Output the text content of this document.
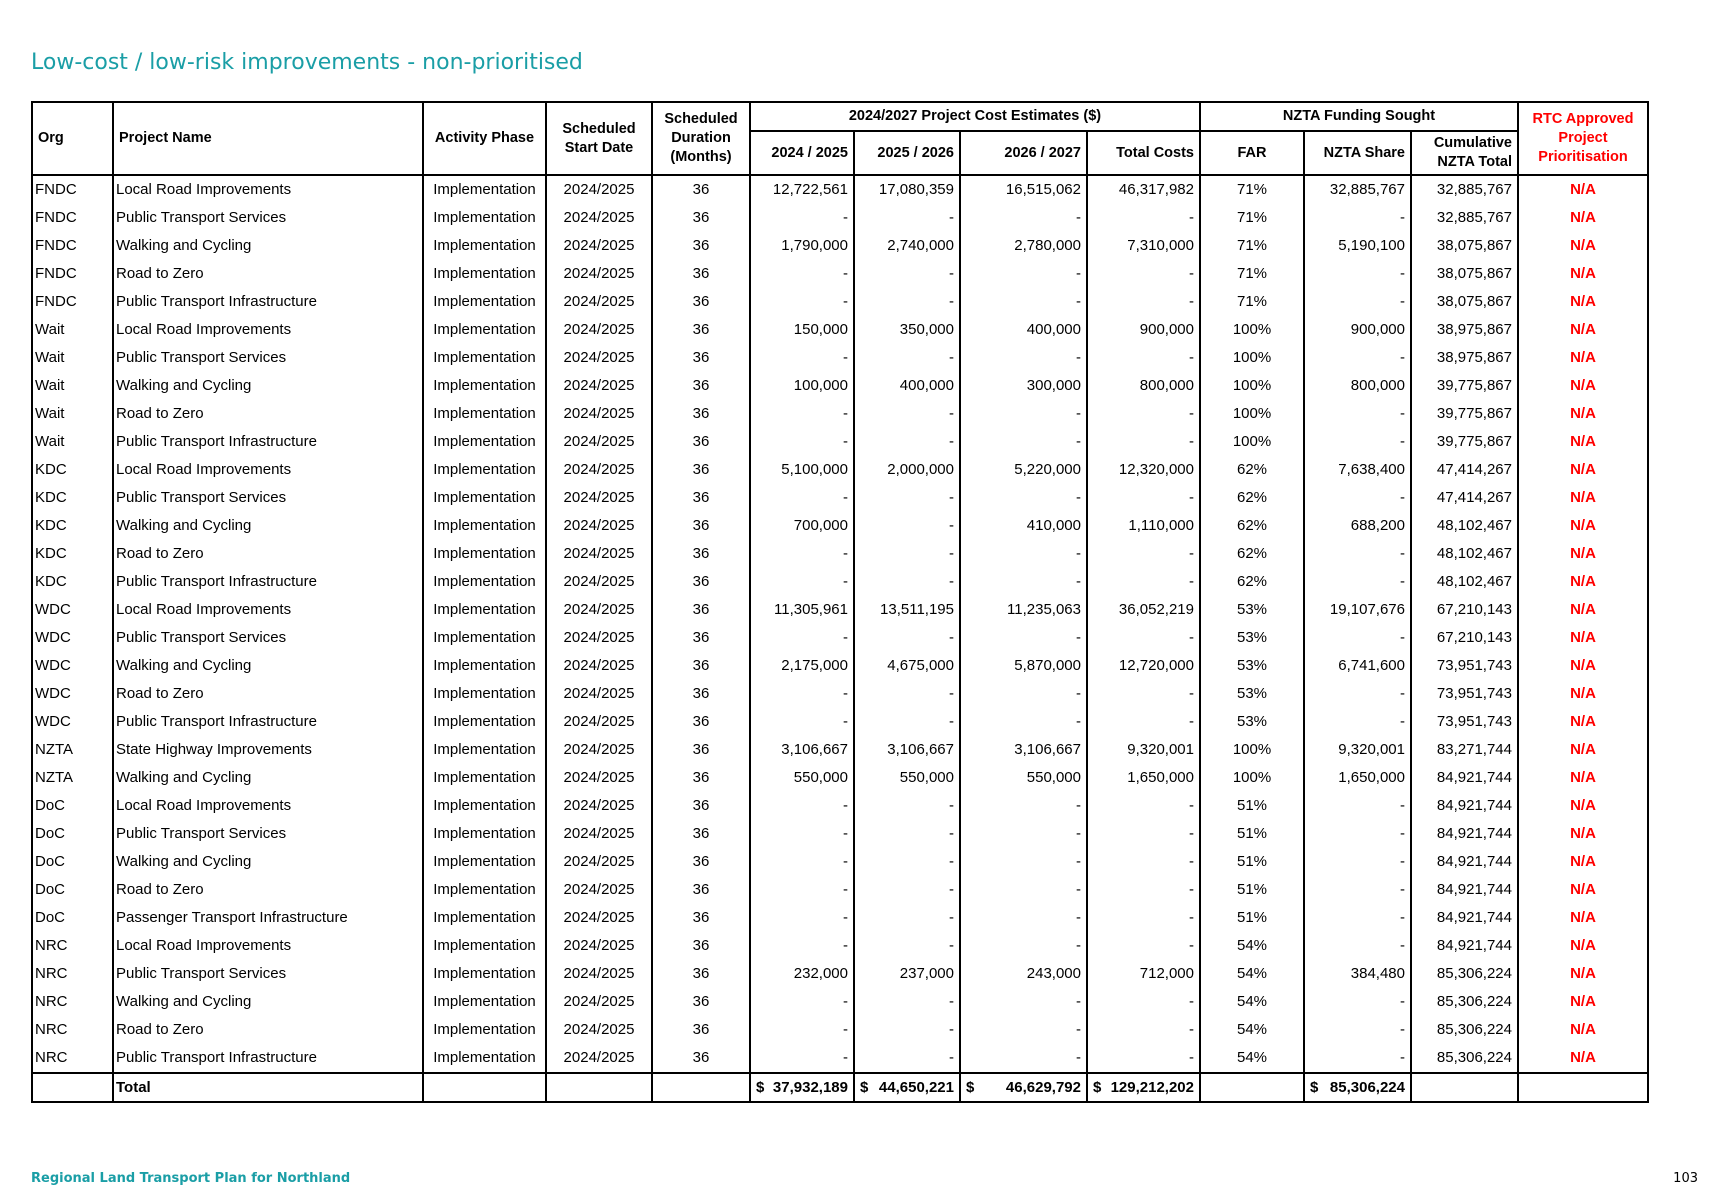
Low-cost / low-risk improvements - non-prioritised
Org	Project Name	Activity Phase	Scheduled Start Date	Scheduled Duration (Months)	2024/2027 Project Cost Estimates ($)				NZTA Funding Sought			RTC Approved Project Prioritisation
					2024 / 2025	2025 / 2026	2026 / 2027	Total Costs	FAR	NZTA Share	Cumulative NZTA Total	
FNDC	Local Road Improvements	Implementation	2024/2025	36	12,722,561	17,080,359	16,515,062	46,317,982	71%	32,885,767	32,885,767	N/A
FNDC	Public Transport Services	Implementation	2024/2025	36	-	-	-	-	71%	-	32,885,767	N/A
FNDC	Walking and Cycling	Implementation	2024/2025	36	1,790,000	2,740,000	2,780,000	7,310,000	71%	5,190,100	38,075,867	N/A
FNDC	Road to Zero	Implementation	2024/2025	36	-	-	-	-	71%	-	38,075,867	N/A
FNDC	Public Transport Infrastructure	Implementation	2024/2025	36	-	-	-	-	71%	-	38,075,867	N/A
Wait	Local Road Improvements	Implementation	2024/2025	36	150,000	350,000	400,000	900,000	100%	900,000	38,975,867	N/A
Wait	Public Transport Services	Implementation	2024/2025	36	-	-	-	-	100%	-	38,975,867	N/A
Wait	Walking and Cycling	Implementation	2024/2025	36	100,000	400,000	300,000	800,000	100%	800,000	39,775,867	N/A
Wait	Road to Zero	Implementation	2024/2025	36	-	-	-	-	100%	-	39,775,867	N/A
Wait	Public Transport Infrastructure	Implementation	2024/2025	36	-	-	-	-	100%	-	39,775,867	N/A
KDC	Local Road Improvements	Implementation	2024/2025	36	5,100,000	2,000,000	5,220,000	12,320,000	62%	7,638,400	47,414,267	N/A
KDC	Public Transport Services	Implementation	2024/2025	36	-	-	-	-	62%	-	47,414,267	N/A
KDC	Walking and Cycling	Implementation	2024/2025	36	700,000	-	410,000	1,110,000	62%	688,200	48,102,467	N/A
KDC	Road to Zero	Implementation	2024/2025	36	-	-	-	-	62%	-	48,102,467	N/A
KDC	Public Transport Infrastructure	Implementation	2024/2025	36	-	-	-	-	62%	-	48,102,467	N/A
WDC	Local Road Improvements	Implementation	2024/2025	36	11,305,961	13,511,195	11,235,063	36,052,219	53%	19,107,676	67,210,143	N/A
WDC	Public Transport Services	Implementation	2024/2025	36	-	-	-	-	53%	-	67,210,143	N/A
WDC	Walking and Cycling	Implementation	2024/2025	36	2,175,000	4,675,000	5,870,000	12,720,000	53%	6,741,600	73,951,743	N/A
WDC	Road to Zero	Implementation	2024/2025	36	-	-	-	-	53%	-	73,951,743	N/A
WDC	Public Transport Infrastructure	Implementation	2024/2025	36	-	-	-	-	53%	-	73,951,743	N/A
NZTA	State Highway Improvements	Implementation	2024/2025	36	3,106,667	3,106,667	3,106,667	9,320,001	100%	9,320,001	83,271,744	N/A
NZTA	Walking and Cycling	Implementation	2024/2025	36	550,000	550,000	550,000	1,650,000	100%	1,650,000	84,921,744	N/A
DoC	Local Road Improvements	Implementation	2024/2025	36	-	-	-	-	51%	-	84,921,744	N/A
DoC	Public Transport Services	Implementation	2024/2025	36	-	-	-	-	51%	-	84,921,744	N/A
DoC	Walking and Cycling	Implementation	2024/2025	36	-	-	-	-	51%	-	84,921,744	N/A
DoC	Road to Zero	Implementation	2024/2025	36	-	-	-	-	51%	-	84,921,744	N/A
DoC	Passenger Transport Infrastructure	Implementation	2024/2025	36	-	-	-	-	51%	-	84,921,744	N/A
NRC	Local Road Improvements	Implementation	2024/2025	36	-	-	-	-	54%	-	84,921,744	N/A
NRC	Public Transport Services	Implementation	2024/2025	36	232,000	237,000	243,000	712,000	54%	384,480	85,306,224	N/A
NRC	Walking and Cycling	Implementation	2024/2025	36	-	-	-	-	54%	-	85,306,224	N/A
NRC	Road to Zero	Implementation	2024/2025	36	-	-	-	-	54%	-	85,306,224	N/A
NRC	Public Transport Infrastructure	Implementation	2024/2025	36	-	-	-	-	54%	-	85,306,224	N/A
	Total				$ 37,932,189	$ 44,650,221	$ 46,629,792	$ 129,212,202		$ 85,306,224		

Regional Land Transport Plan for Northland	103
